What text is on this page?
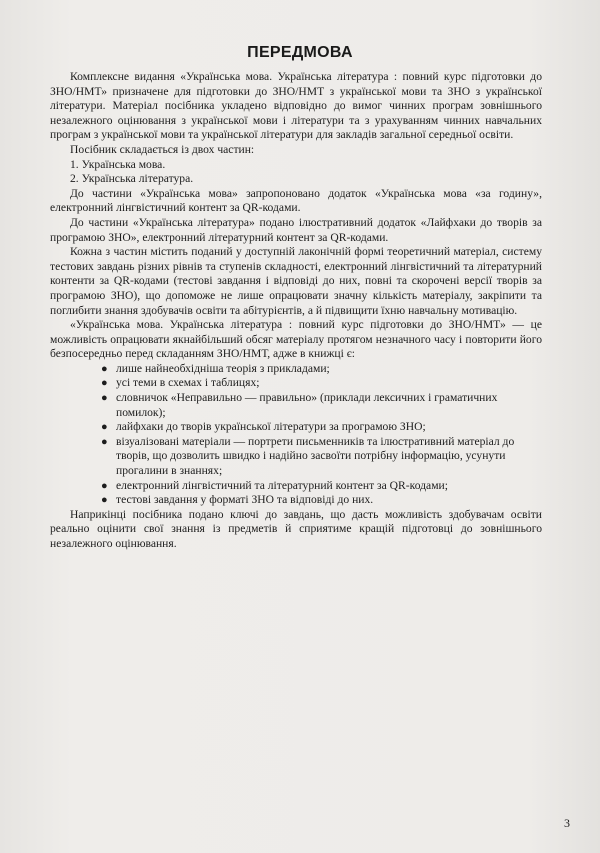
ПЕРЕДМОВА

Комплексне видання «Українська мова. Українська література : повний курс підготовки до ЗНО/НМТ» призначене для підготовки до ЗНО/НМТ з української мови та ЗНО з української літератури. Матеріал посібника укладено відповідно до вимог чинних програм зовнішнього незалежного оцінювання з української мови і літератури та з урахуванням чинних навчальних програм з української мови та української літератури для закладів загальної середньої освіти.

Посібник складається із двох частин:

1. Українська мова.

2. Українська література.

До частини «Українська мова» запропоновано додаток «Українська мова «за годину», електронний лінгвістичний контент за QR-кодами.

До частини «Українська література» подано ілюстративний додаток «Лайфхаки до творів за програмою ЗНО», електронний літературний контент за QR-кодами.

Кожна з частин містить поданий у доступній лаконічній формі теоретичний матеріал, систему тестових завдань різних рівнів та ступенів складності, електронний лінгвістичний та літературний контенти за QR-кодами (тестові завдання і відповіді до них, повні та скорочені версії творів за програмою ЗНО), що допоможе не лише опрацювати значну кількість матеріалу, закріпити та поглибити знання здобувачів освіти та абітурієнтів, а й підвищити їхню навчальну мотивацію.

«Українська мова. Українська література : повний курс підготовки до ЗНО/НМТ» — це можливість опрацювати якнайбільший обсяг матеріалу протягом незначного часу і повторити його безпосередньо перед складанням ЗНО/НМТ, адже в книжці є:

● лише найнеобхідніша теорія з прикладами;
● усі теми в схемах і таблицях;
● словничок «Неправильно — правильно» (приклади лексичних і граматичних помилок);
● лайфхаки до творів української літератури за програмою ЗНО;
● візуалізовані матеріали — портрети письменників та ілюстративний матеріал до творів, що дозволить швидко і надійно засвоїти потрібну інформацію, усунути прогалини в знаннях;
● електронний лінгвістичний та літературний контент за QR-кодами;
● тестові завдання у форматі ЗНО та відповіді до них.

Наприкінці посібника подано ключі до завдань, що дасть можливість здобувачам освіти реально оцінити свої знання із предметів й сприятиме кращій підготовці до зовнішнього незалежного оцінювання.

3
